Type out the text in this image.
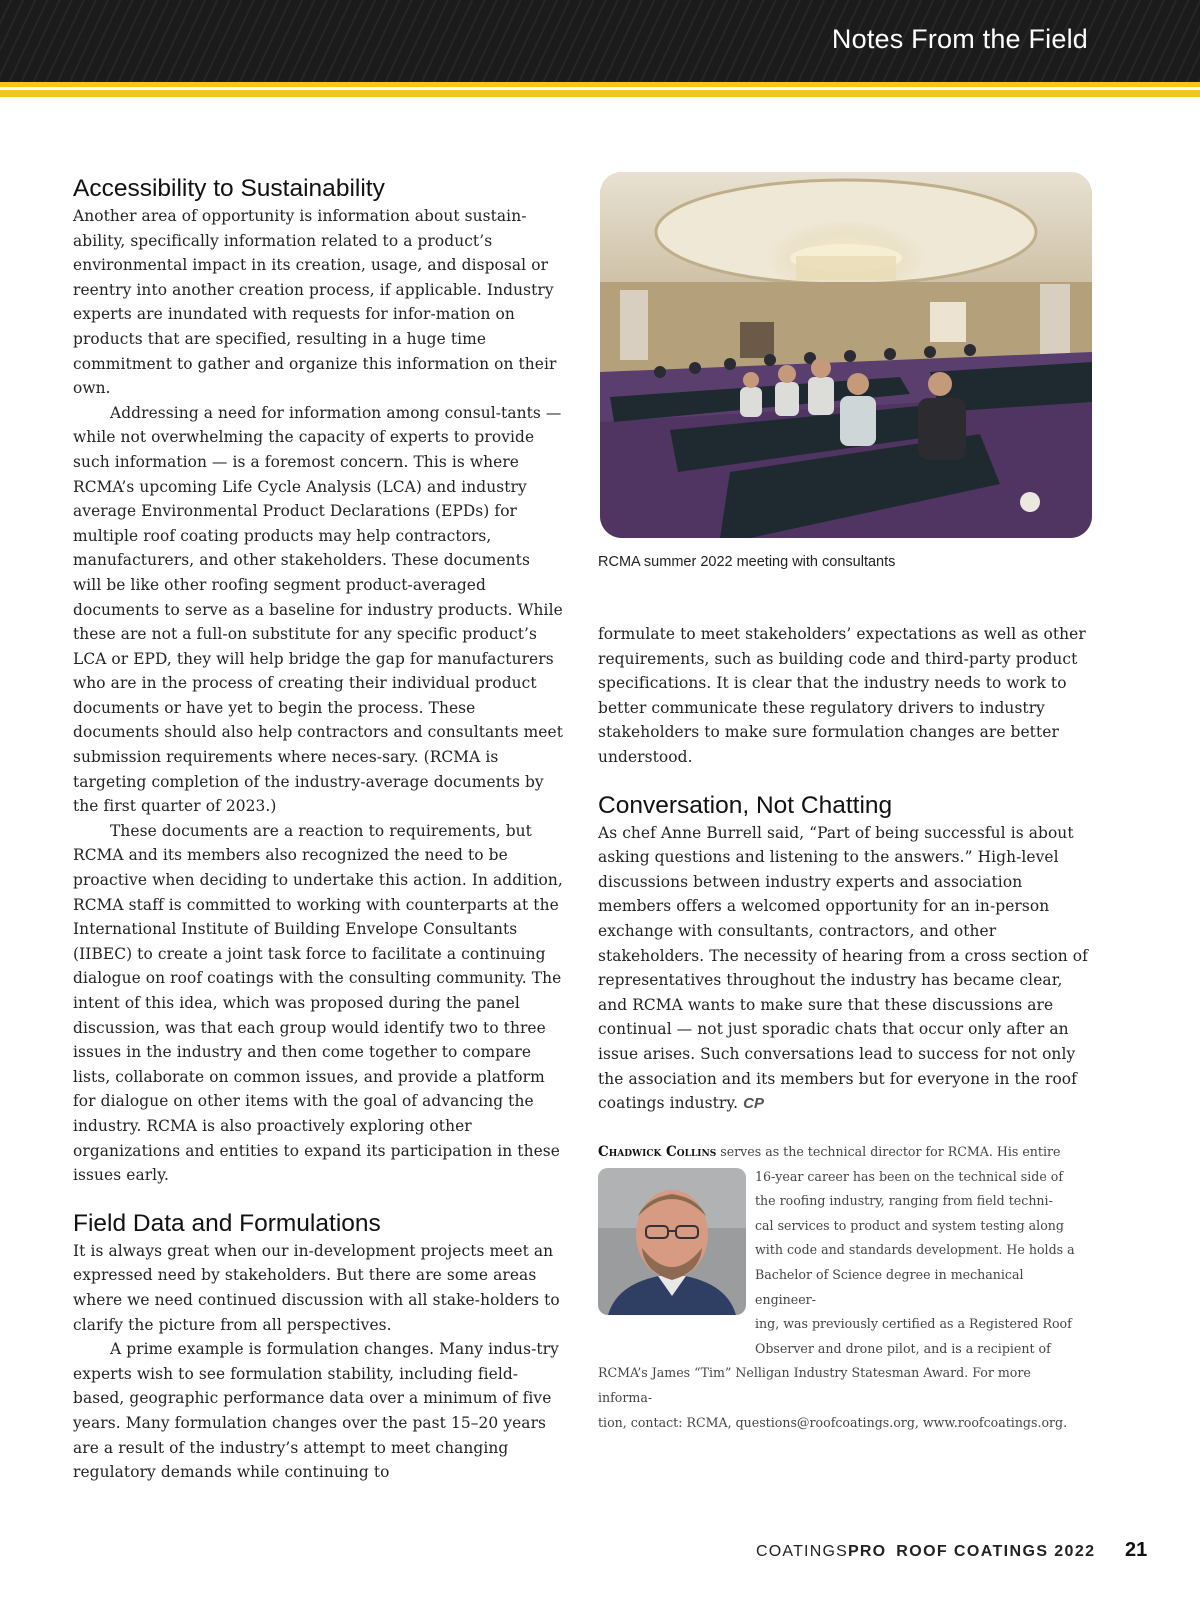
Notes From the Field
Accessibility to Sustainability

Another area of opportunity is information about sustain-ability, specifically information related to a product’s environmental impact in its creation, usage, and disposal or reentry into another creation process, if applicable. Industry experts are inundated with requests for infor-mation on products that are specified, resulting in a huge time commitment to gather and organize this information on their own.

Addressing a need for information among consul-tants — while not overwhelming the capacity of experts to provide such information — is a foremost concern. This is where RCMA’s upcoming Life Cycle Analysis (LCA) and industry average Environmental Product Declarations (EPDs) for multiple roof coating products may help contractors, manufacturers, and other stakeholders. These documents will be like other roofing segment product-averaged documents to serve as a baseline for industry products. While these are not a full-on substitute for any specific product’s LCA or EPD, they will help bridge the gap for manufacturers who are in the process of creating their individual product documents or have yet to begin the process. These documents should also help contractors and consultants meet submission requirements where neces-sary. (RCMA is targeting completion of the industry-average documents by the first quarter of 2023.)

These documents are a reaction to requirements, but RCMA and its members also recognized the need to be proactive when deciding to undertake this action. In addition, RCMA staff is committed to working with counterparts at the International Institute of Building Envelope Consultants (IIBEC) to create a joint task force to facilitate a continuing dialogue on roof coatings with the consulting community. The intent of this idea, which was proposed during the panel discussion, was that each group would identify two to three issues in the industry and then come together to compare lists, collaborate on common issues, and provide a platform for dialogue on other items with the goal of advancing the industry. RCMA is also proactively exploring other organizations and entities to expand its participation in these issues early.

Field Data and Formulations

It is always great when our in-development projects meet an expressed need by stakeholders. But there are some areas where we need continued discussion with all stake-holders to clarify the picture from all perspectives.

A prime example is formulation changes. Many indus-try experts wish to see formulation stability, including field-based, geographic performance data over a minimum of five years. Many formulation changes over the past 15–20 years are a result of the industry’s attempt to meet changing regulatory demands while continuing to

RCMA summer 2022 meeting with consultants

formulate to meet stakeholders’ expectations as well as other requirements, such as building code and third-party product specifications. It is clear that the industry needs to work to better communicate these regulatory drivers to industry stakeholders to make sure formulation changes are better understood.

Conversation, Not Chatting

As chef Anne Burrell said, “Part of being successful is about asking questions and listening to the answers.” High-level discussions between industry experts and association members offers a welcomed opportunity for an in-person exchange with consultants, contractors, and other stakeholders. The necessity of hearing from a cross section of representatives throughout the industry has became clear, and RCMA wants to make sure that these discussions are continual — not just sporadic chats that occur only after an issue arises. Such conversations lead to success for not only the association and its members but for everyone in the roof coatings industry. CP

Chadwick Collins serves as the technical director for RCMA. His entire

16-year career has been on the technical side of

the roofing industry, ranging from field techni-

cal services to product and system testing along

with code and standards development. He holds a

Bachelor of Science degree in mechanical engineer-

ing, was previously certified as a Registered Roof

Observer and drone pilot, and is a recipient of

RCMA’s James “Tim” Nelligan Industry Statesman Award. For more informa-

tion, contact: RCMA, questions@roofcoatings.org, www.roofcoatings.org.

COATINGSPRO ROOF COATINGS 2022 21
